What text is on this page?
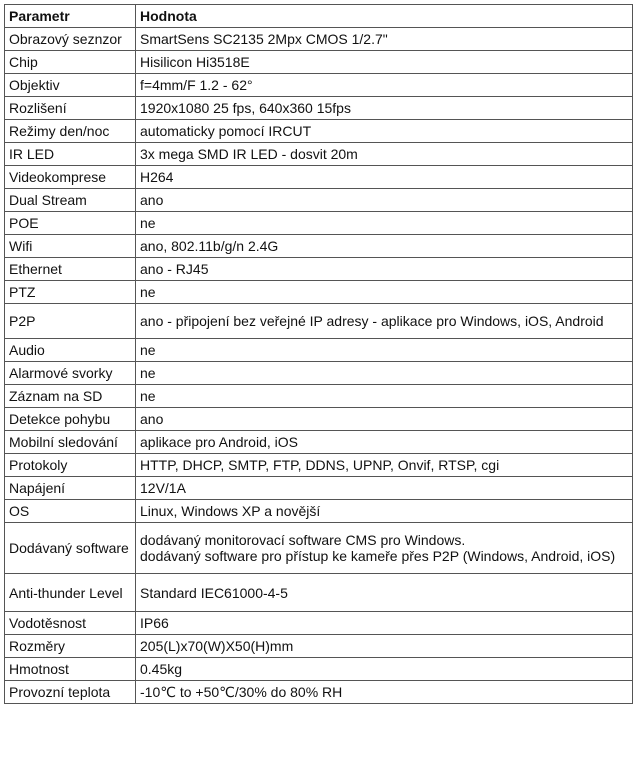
Parametr	Hodnota

Obrazový seznzor	SmartSens SC2135 2Mpx CMOS 1/2.7"

Chip	Hisilicon Hi3518E

Objektiv	f=4mm/F 1.2 - 62°

Rozlišení	1920x1080 25 fps, 640x360 15fps

Režimy den/noc	automaticky pomocí IRCUT

IR LED	3x mega SMD IR LED - dosvit 20m

Videokomprese	H264

Dual Stream	ano

POE	ne

Wifi	ano, 802.11b/g/n 2.4G

Ethernet	ano - RJ45

PTZ	ne

P2P	ano - připojení bez veřejné IP adresy - aplikace pro Windows, iOS, Android

Audio	ne

Alarmové svorky	ne

Záznam na SD	ne

Detekce pohybu	ano

Mobilní sledování	aplikace pro Android, iOS

Protokoly	HTTP, DHCP, SMTP, FTP, DDNS, UPNP, Onvif, RTSP, cgi

Napájení	12V/1A

OS	Linux, Windows XP a novější

Dodávaný software	dodávaný monitorovací software CMS pro Windows.
dodávaný software pro přístup ke kameře přes P2P (Windows, Android, iOS)

Anti-thunder Level	Standard IEC61000-4-5

Vodotěsnost	IP66

Rozměry	205(L)x70(W)X50(H)mm

Hmotnost	0.45kg

Provozní teplota	-10℃ to +50℃/30% do 80% RH
